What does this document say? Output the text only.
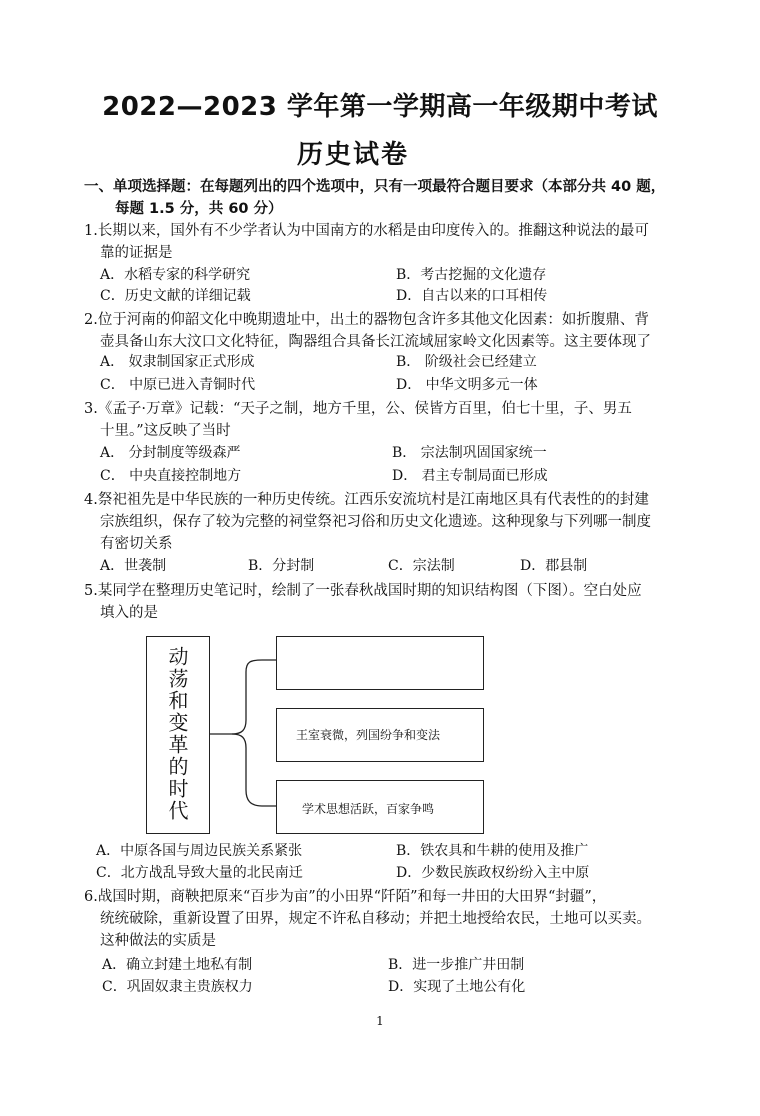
2022—2023 学年第一学期高一年级期中考试
历史试卷
一、单项选择题：在每题列出的四个选项中，只有一项最符合题目要求（本部分共 40 题，
每题 1.5 分，共 60 分）
1.长期以来，国外有不少学者认为中国南方的水稻是由印度传入的。推翻这种说法的最可
靠的证据是
A．水稻专家的科学研究	B．考古挖掘的文化遗存
C．历史文献的详细记载	D．自古以来的口耳相传
2.位于河南的仰韶文化中晚期遗址中，出土的器物包含许多其他文化因素：如折腹鼎、背
壶具备山东大汶口文化特征，陶器组合具备长江流域屈家岭文化因素等。这主要体现了
A． 奴隶制国家正式形成	B． 阶级社会已经建立
C． 中原已进入青铜时代	D． 中华文明多元一体
3.《孟子·万章》记载：“天子之制，地方千里，公、侯皆方百里，伯七十里，子、男五
十里。”这反映了当时
A． 分封制度等级森严	B． 宗法制巩固国家统一
C． 中央直接控制地方	D． 君主专制局面已形成
4.祭祀祖先是中华民族的一种历史传统。江西乐安流坑村是江南地区具有代表性的的封建
宗族组织，保存了较为完整的祠堂祭祀习俗和历史文化遗迹。这种现象与下列哪一制度
有密切关系
A．世袭制	B．分封制	C．宗法制	D．郡县制
5.某同学在整理历史笔记时，绘制了一张春秋战国时期的知识结构图（下图）。空白处应
填入的是
动荡和变革的时代	王室衰微，列国纷争和变法
学术思想活跃，百家争鸣
A．中原各国与周边民族关系紧张	B．铁农具和牛耕的使用及推广
C．北方战乱导致大量的北民南迁	D．少数民族政权纷纷入主中原
6.战国时期，商鞅把原来“百步为亩”的小田界“阡陌”和每一井田的大田界“封疆”，
统统破除，重新设置了田界，规定不许私自移动；并把土地授给农民，土地可以买卖。
这种做法的实质是
A．确立封建土地私有制	B．进一步推广井田制
C．巩固奴隶主贵族权力	D．实现了土地公有化
1
